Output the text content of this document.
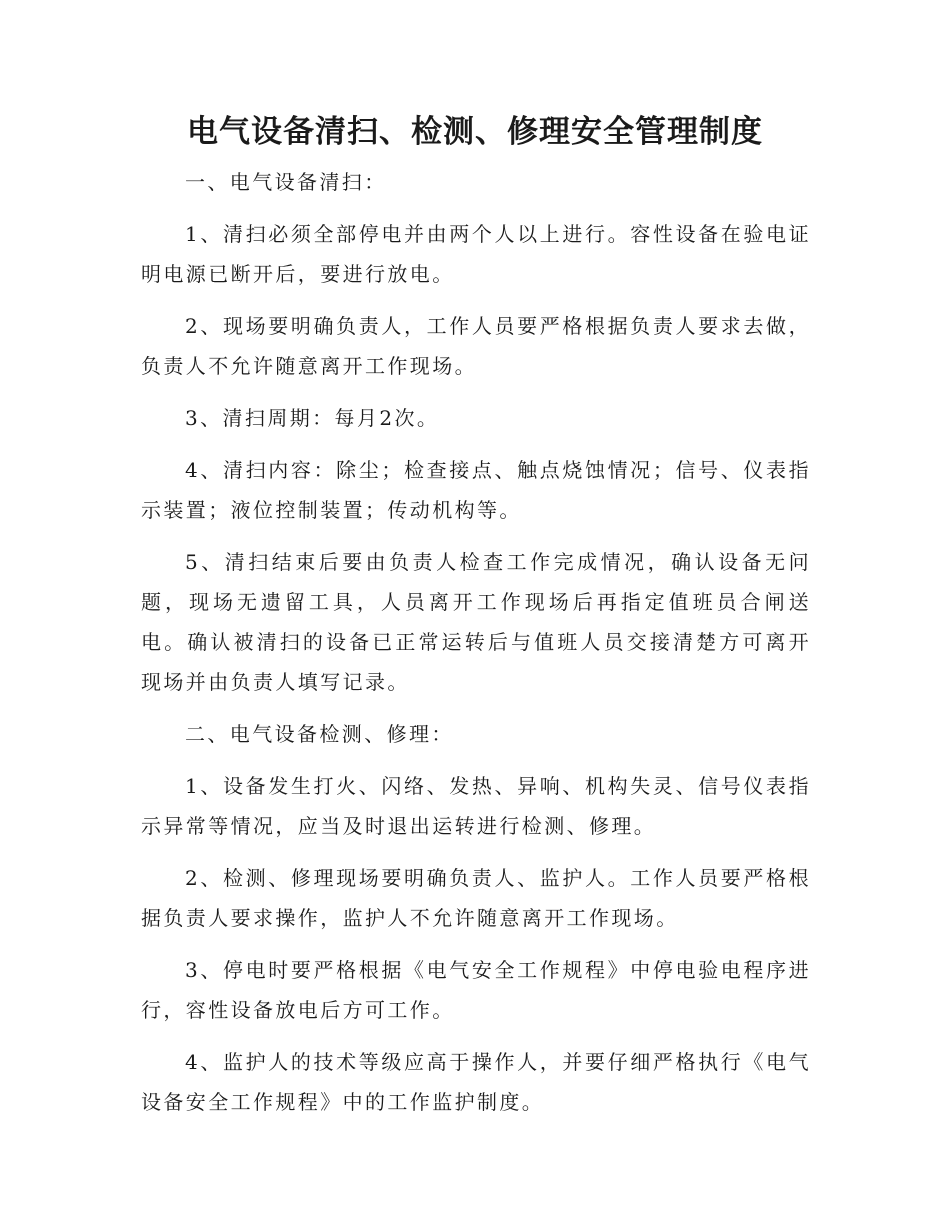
电气设备清扫、检测、修理安全管理制度

一、电气设备清扫：

1、清扫必须全部停电并由两个人以上进行。容性设备在验电证明电源已断开后，要进行放电。

2、现场要明确负责人，工作人员要严格根据负责人要求去做，负责人不允许随意离开工作现场。

3、清扫周期：每月2次。

4、清扫内容：除尘；检查接点、触点烧蚀情况；信号、仪表指示装置；液位控制装置；传动机构等。

5、清扫结束后要由负责人检查工作完成情况，确认设备无问题，现场无遗留工具，人员离开工作现场后再指定值班员合闸送电。确认被清扫的设备已正常运转后与值班人员交接清楚方可离开现场并由负责人填写记录。

二、电气设备检测、修理：

1、设备发生打火、闪络、发热、异响、机构失灵、信号仪表指示异常等情况，应当及时退出运转进行检测、修理。

2、检测、修理现场要明确负责人、监护人。工作人员要严格根据负责人要求操作，监护人不允许随意离开工作现场。

3、停电时要严格根据《电气安全工作规程》中停电验电程序进行，容性设备放电后方可工作。

4、监护人的技术等级应高于操作人，并要仔细严格执行《电气设备安全工作规程》中的工作监护制度。
